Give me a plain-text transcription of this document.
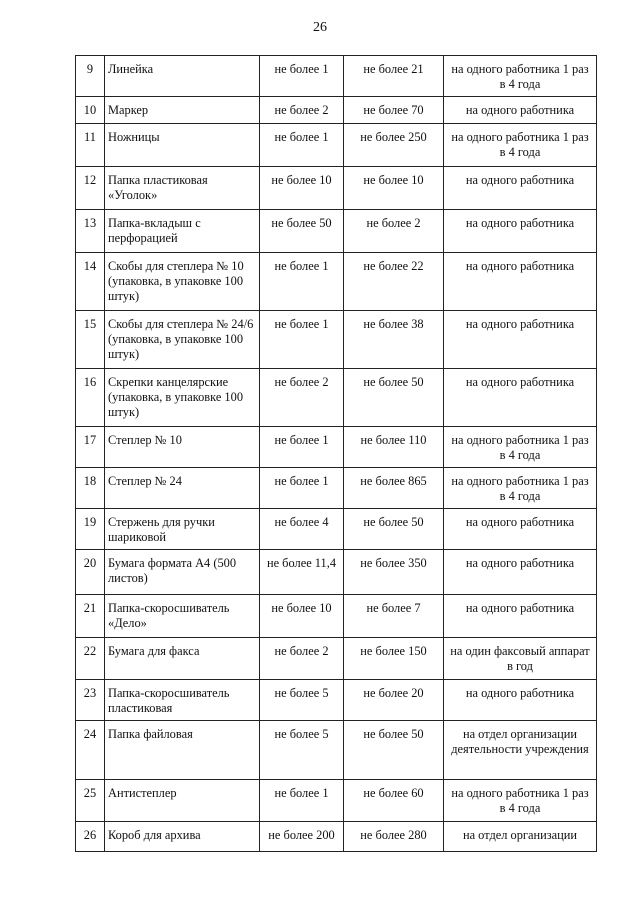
26
9	Линейка	не более 1	не более 21	на одного работника 1 раз в 4 года
10	Маркер	не более 2	не более 70	на одного работника
11	Ножницы	не более 1	не более 250	на одного работника 1 раз в 4 года
12	Папка пластиковая «Уголок»	не более 10	не более 10	на одного работника
13	Папка-вкладыш с перфорацией	не более 50	не более 2	на одного работника
14	Скобы для степлера № 10 (упаковка, в упаковке 100 штук)	не более 1	не более 22	на одного работника
15	Скобы для степлера № 24/6 (упаковка, в упаковке 100 штук)	не более 1	не более 38	на одного работника
16	Скрепки канцелярские (упаковка, в упаковке 100 штук)	не более 2	не более 50	на одного работника
17	Степлер № 10	не более 1	не более 110	на одного работника 1 раз в 4 года
18	Степлер № 24	не более 1	не более 865	на одного работника 1 раз в 4 года
19	Стержень для ручки шариковой	не более 4	не более 50	на одного работника
20	Бумага формата А4 (500 листов)	не более 11,4	не более 350	на одного работника
21	Папка-скоросшиватель «Дело»	не более 10	не более 7	на одного работника
22	Бумага для факса	не более 2	не более 150	на один факсовый аппарат в год
23	Папка-скоросшиватель пластиковая	не более 5	не более 20	на одного работника
24	Папка файловая	не более 5	не более 50	на отдел организации деятельности учреждения
25	Антистеплер	не более 1	не более 60	на одного работника 1 раз в 4 года
26	Короб для архива	не более 200	не более 280	на отдел организации
